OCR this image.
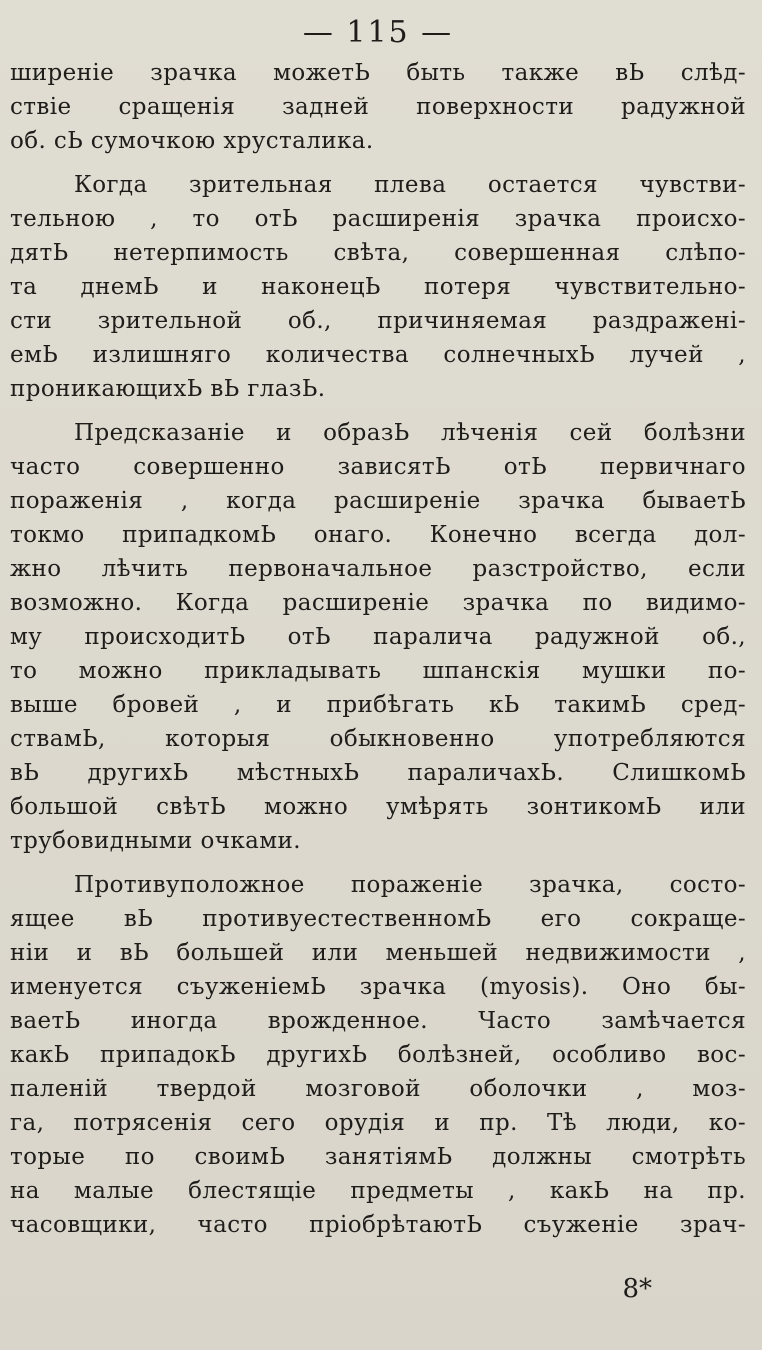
— 115 —
ширеніе зрачка можетЬ быть также вЬ слѣд-
ствіе сращенія задней поверхности радужной
об. сЬ сумочкою хрусталика.
Когда зрительная плева остается чувстви-
тельною , то отЬ расширенія зрачка происхо-
дятЬ нетерпимость свѣта, совершенная слѣпо-
та днемЬ и наконецЬ потеря чувствительно-
сти зрительной об., причиняемая раздраженi-
емЬ излишняго количества солнечныхЬ лучей ,
проникающихЬ вЬ глазЬ.
Предсказаніе и образЬ лѣченія сей болѣзни
часто совершенно зависятЬ отЬ первичнаго
пораженія , когда расширеніе зрачка бываетЬ
токмо припадкомЬ онаго. Конечно всегда дол-
жно лѣчить первоначальное разстройство, если
возможно. Когда расширеніе зрачка по видимо-
му происходитЬ отЬ паралича радужной об.,
то можно прикладывать шпанскія мушки по-
выше бровей , и прибѣгать кЬ такимЬ сред-
ствамЬ, которыя обыкновенно употребляются
вЬ другихЬ мѣстныхЬ параличахЬ. СлишкомЬ
большой свѣтЬ можно умѣрять зонтикомЬ или
трубовидными очками.
Противуположное пораженіе зрачка, состо-
ящее вЬ противуестественномЬ его сокраще-
ніи и вЬ большей или меньшей недвижимости ,
именуется съуженіемЬ зрачка (myosis). Оно бы-
ваетЬ иногда врожденное. Часто замѣчается
какЬ припадокЬ другихЬ болѣзней, особливо вос-
паленій твердой мозговой оболочки , моз-
га, потрясенія сего орудія и пр. Тѣ люди, ко-
торые по своимЬ занятіямЬ должны смотрѣть
на малые блестящіе предметы , какЬ на пр.
часовщики, часто пріобрѣтаютЬ съуженіе зрач-
8*
